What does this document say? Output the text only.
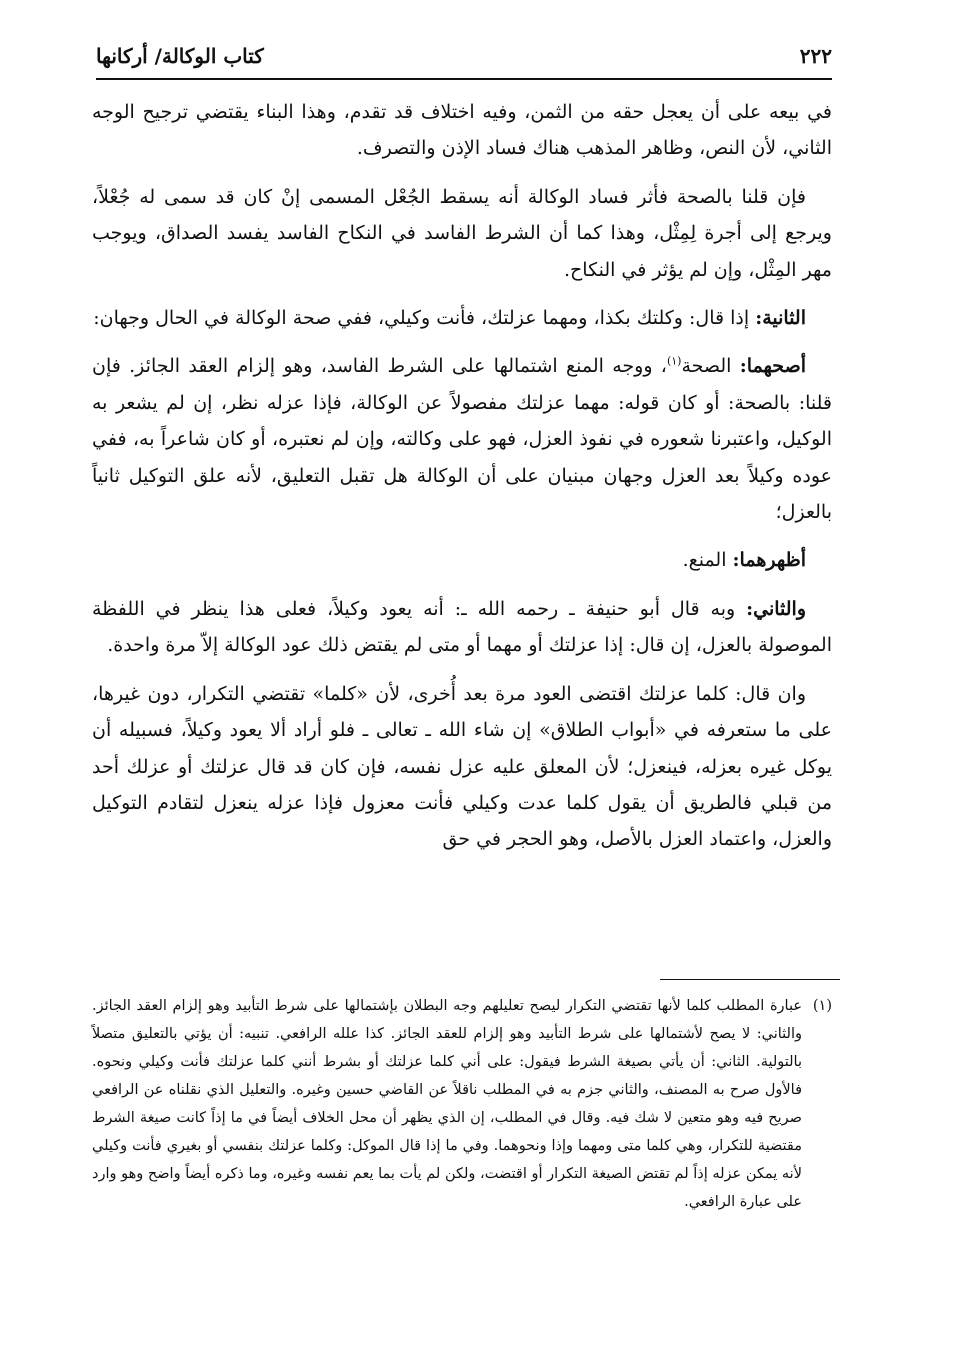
٢٢٢
كتاب الوكالة/ أركانها

في بيعه على أن يعجل حقه من الثمن، وفيه اختلاف قد تقدم، وهذا البناء يقتضي ترجيح الوجه الثاني، لأن النص، وظاهر المذهب هناك فساد الإذن والتصرف.

فإن قلنا بالصحة فأثر فساد الوكالة أنه يسقط الجُعْل المسمى إنْ كان قد سمى له جُعْلاً، ويرجع إلى أجرة لِمِثْل، وهذا كما أن الشرط الفاسد في النكاح الفاسد يفسد الصداق، ويوجب مهر المِثْل، وإن لم يؤثر في النكاح.

الثانية: إذا قال: وكلتك بكذا، ومهما عزلتك، فأنت وكيلي، ففي صحة الوكالة في الحال وجهان:

أصحهما: الصحة$^{(١)}$، ووجه المنع اشتمالها على الشرط الفاسد، وهو إلزام العقد الجائز. فإن قلنا: بالصحة: أو كان قوله: مهما عزلتك مفصولاً عن الوكالة، فإذا عزله نظر، إن لم يشعر به الوكيل، واعتبرنا شعوره في نفوذ العزل، فهو على وكالته، وإن لم نعتبره، أو كان شاعراً به، ففي عوده وكيلاً بعد العزل وجهان مبنيان على أن الوكالة هل تقبل التعليق، لأنه علق التوكيل ثانياً بالعزل؛

أظهرهما: المنع.

والثاني: وبه قال أبو حنيفة ـ رحمه الله ـ: أنه يعود وكيلاً، فعلى هذا ينظر في اللفظة الموصولة بالعزل، إن قال: إذا عزلتك أو مهما أو متى لم يقتض ذلك عود الوكالة إلاّ مرة واحدة.

وان قال: كلما عزلتك اقتضى العود مرة بعد أُخرى، لأن «كلما» تقتضي التكرار، دون غيرها، على ما ستعرفه في «أبواب الطلاق» إن شاء الله ـ تعالى ـ فلو أراد ألا يعود وكيلاً، فسبيله أن يوكل غيره بعزله، فينعزل؛ لأن المعلق عليه عزل نفسه، فإن كان قد قال عزلتك أو عزلك أحد من قبلي فالطريق أن يقول كلما عدت وكيلي فأنت معزول فإذا عزله ينعزل لتقادم التوكيل والعزل، واعتماد العزل بالأصل، وهو الحجر في حق

(١)

عبارة المطلب كلما لأنها تقتضي التكرار ليصح تعليلهم وجه البطلان بإشتمالها على شرط التأبيد وهو إلزام العقد الجائز. والثاني: لا يصح لأشتمالها على شرط التأبيد وهو إلزام للعقد الجائز. كذا علله الرافعي. تنبيه: أن يؤتي بالتعليق متصلاً بالتولية. الثاني: أن يأتي بصيغة الشرط فيقول: على أني كلما عزلتك أو بشرط أنني كلما عزلتك فأنت وكيلي ونحوه. فالأول صرح به المصنف، والثاني جزم به في المطلب ناقلاً عن القاضي حسين وغيره. والتعليل الذي نقلناه عن الرافعي صريح فيه وهو متعين لا شك فيه. وقال في المطلب، إن الذي يظهر أن محل الخلاف أيضاً في ما إذاً كانت صيغة الشرط مقتضية للتكرار، وهي كلما متى ومهما وإذا ونحوهما. وفي ما إذا قال الموكل: وكلما عزلتك بنفسي أو بغيري فأنت وكيلي لأنه يمكن عزله إذاً لم تقتض الصيغة التكرار أو اقتضت، ولكن لم يأت بما يعم نفسه وغيره، وما ذكره أيضاً واضح وهو وارد على عبارة الرافعي.
